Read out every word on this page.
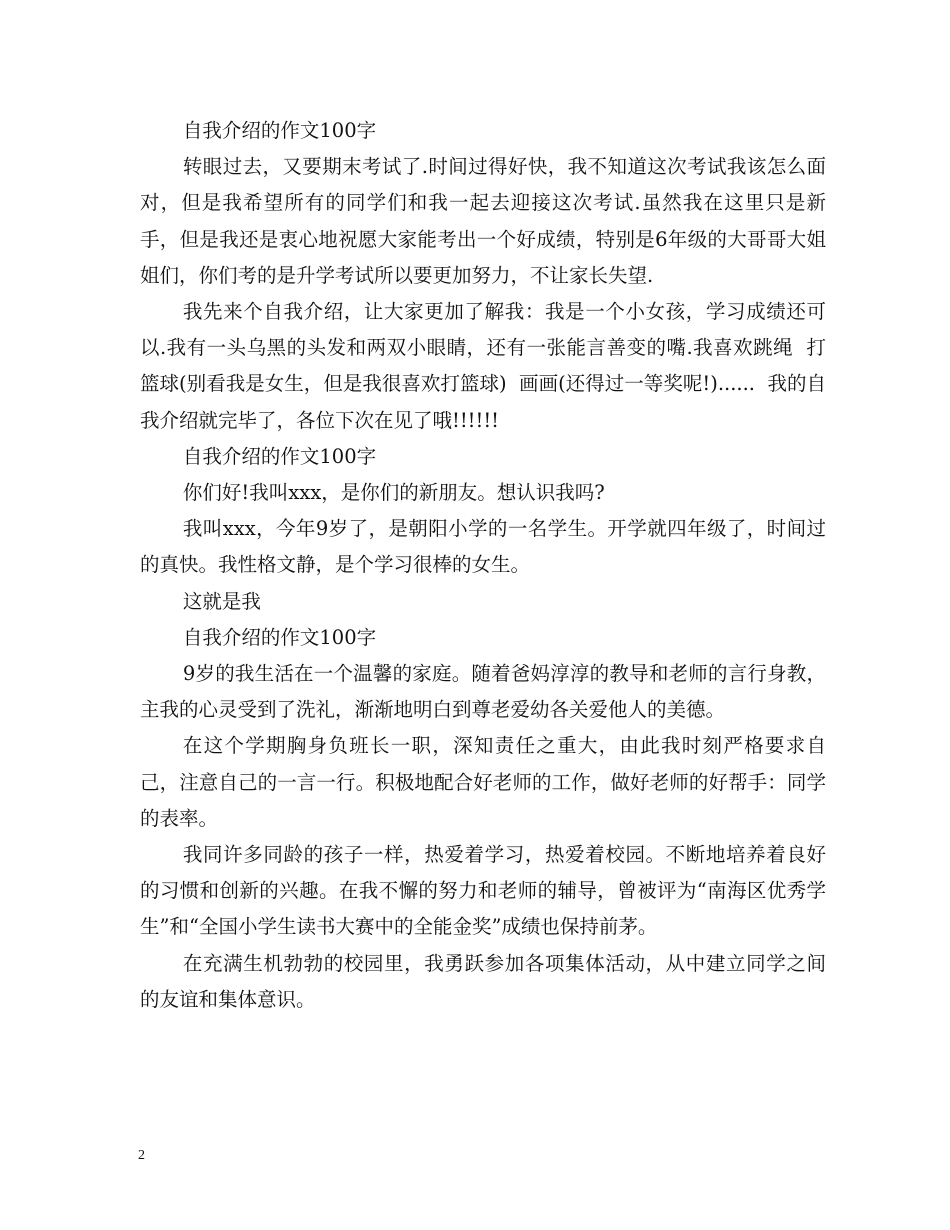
自我介绍的作文100字

转眼过去，又要期末考试了.时间过得好快，我不知道这次考试我该怎么面对，但是我希望所有的同学们和我一起去迎接这次考试.虽然我在这里只是新手，但是我还是衷心地祝愿大家能考出一个好成绩，特别是6年级的大哥哥大姐姐们，你们考的是升学考试所以要更加努力，不让家长失望.

我先来个自我介绍，让大家更加了解我：我是一个小女孩，学习成绩还可以.我有一头乌黑的头发和两双小眼睛，还有一张能言善变的嘴.我喜欢跳绳  打篮球(别看我是女生，但是我很喜欢打篮球)  画画(还得过一等奖呢!)......  我的自我介绍就完毕了，各位下次在见了哦!!!!!!

自我介绍的作文100字

你们好!我叫xxx，是你们的新朋友。想认识我吗?

我叫xxx，今年9岁了，是朝阳小学的一名学生。开学就四年级了，时间过的真快。我性格文静，是个学习很棒的女生。

这就是我

自我介绍的作文100字

9岁的我生活在一个温馨的家庭。随着爸妈淳淳的教导和老师的言行身教，主我的心灵受到了洗礼，渐渐地明白到尊老爱幼各关爱他人的美德。

在这个学期胸身负班长一职，深知责任之重大，由此我时刻严格要求自己，注意自己的一言一行。积极地配合好老师的工作，做好老师的好帮手：同学的表率。

我同许多同龄的孩子一样，热爱着学习，热爱着校园。不断地培养着良好的习惯和创新的兴趣。在我不懈的努力和老师的辅导，曾被评为“南海区优秀学生”和“全国小学生读书大赛中的全能金奖”成绩也保持前茅。

在充满生机勃勃的校园里，我勇跃参加各项集体活动，从中建立同学之间的友谊和集体意识。

2
